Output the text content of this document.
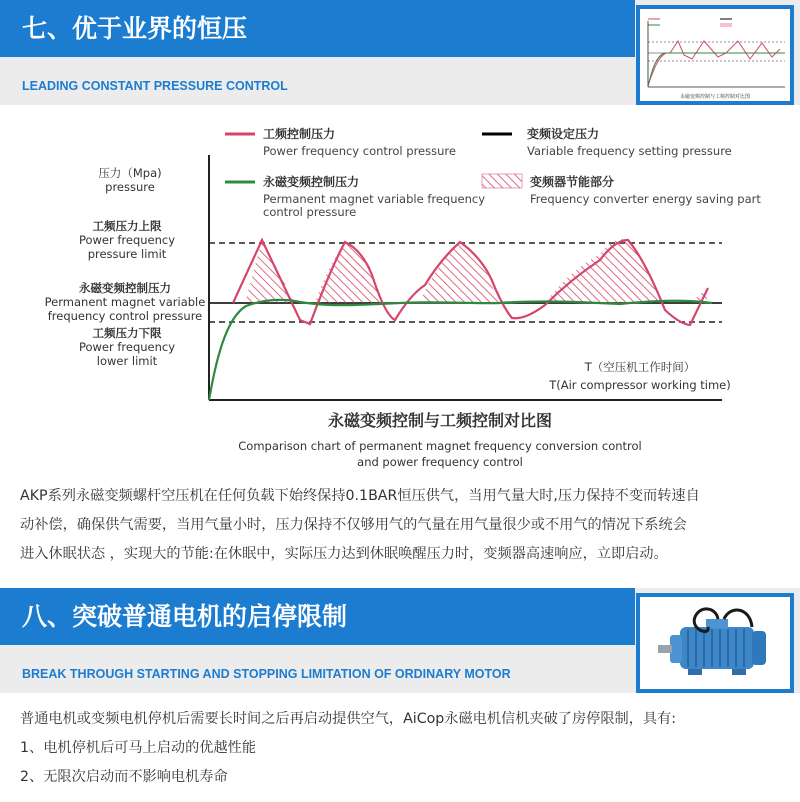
七、优于业界的恒压
LEADING CONSTANT PRESSURE CONTROL
永磁变频控制与工频控制对比图
工频控制压力
Power frequency control pressure
变频设定压力
Variable frequency setting pressure
永磁变频控制压力
Permanent magnet variable frequency
control pressure
变频器节能部分
Frequency converter energy saving part
压力（Mpa)
pressure
工频压力上限
Power frequency
pressure limit
永磁变频控制压力
Permanent magnet variable
frequency control pressure
工频压力下限
Power frequency
lower limit	T（空压机工作时间）
T(Air compressor working time)
永磁变频控制与工频控制对比图
Comparison chart of permanent magnet frequency conversion control
and power frequency control
AKP系列永磁变频螺杆空压机在任何负载下始终保持0.1BAR恒压供气，当用气量大时,压力保持不变而转速自
动补偿，确保供气需要，当用气量小时，压力保持不仅够用气的气量在用气量很少或不用气的情况下系统会
进入休眠状态 ，实现大的节能:在休眠中，实际压力达到休眠唤醒压力时，变频器高速响应，立即启动。
八、突破普通电机的启停限制
BREAK THROUGH STARTING AND STOPPING LIMITATION OF ORDINARY MOTOR
普通电机或变频电机停机后需要长时间之后再启动提供空气，AiCop永磁电机信机夹破了房停限制，具有:
1、电机停机后可马上启动的优越性能
2、无限次启动而不影响电机寿命
